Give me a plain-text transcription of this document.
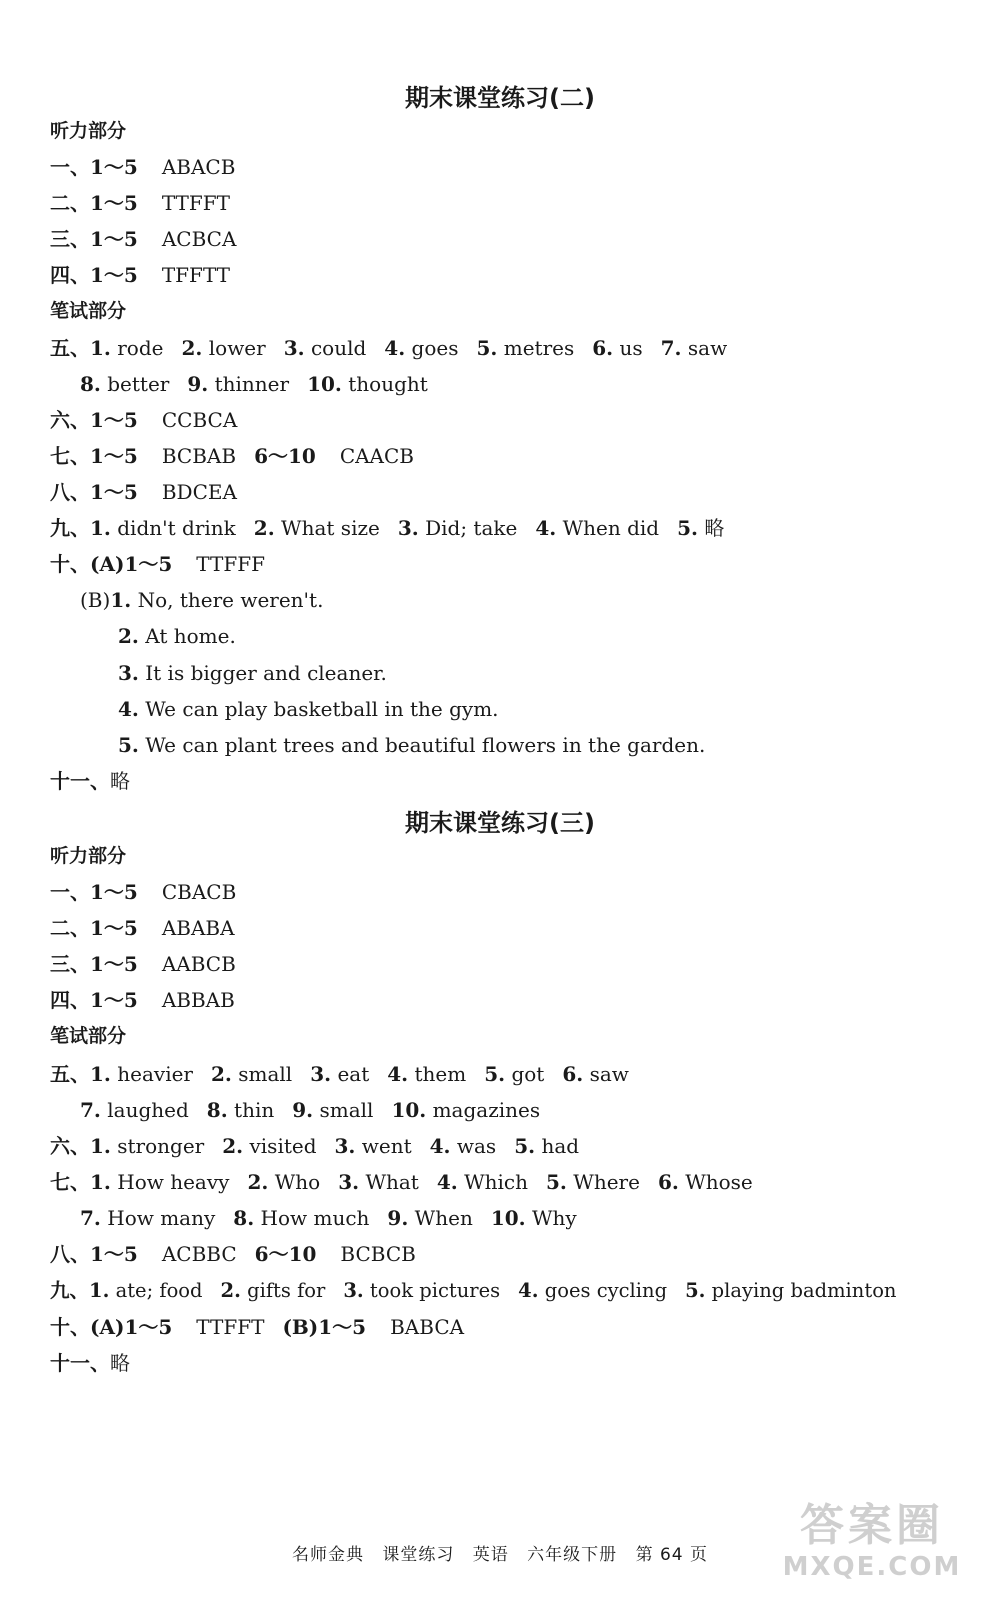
期末课堂练习(二)
听力部分
一、1～5 ABACB
二、1～5 TTFFT
三、1～5 ACBCA
四、1～5 TFFTT
笔试部分
五、1. rode 2. lower 3. could 4. goes 5. metres 6. us 7. saw
8. better 9. thinner 10. thought
六、1～5 CCBCA
七、1～5 BCBAB 6～10 CAACB
八、1～5 BDCEA
九、1. didn't drink 2. What size 3. Did; take 4. When did 5. 略
十、(A)1～5 TTFFF
(B)1. No, there weren't.
2. At home.
3. It is bigger and cleaner.
4. We can play basketball in the gym.
5. We can plant trees and beautiful flowers in the garden.
十一、略
期末课堂练习(三)
听力部分
一、1～5 CBACB
二、1～5 ABABA
三、1～5 AABCB
四、1～5 ABBAB
笔试部分
五、1. heavier 2. small 3. eat 4. them 5. got 6. saw
7. laughed 8. thin 9. small 10. magazines
六、1. stronger 2. visited 3. went 4. was 5. had
七、1. How heavy 2. Who 3. What 4. Which 5. Where 6. Whose
7. How many 8. How much 9. When 10. Why
八、1～5 ACBBC 6～10 BCBCB
九、1. ate; food 2. gifts for 3. took pictures 4. goes cycling 5. playing badminton
十、(A)1～5 TTFFT (B)1～5 BABCA
十一、略
名师金典 课堂练习 英语 六年级下册 第 64 页
答案圈
MXQE.COM
